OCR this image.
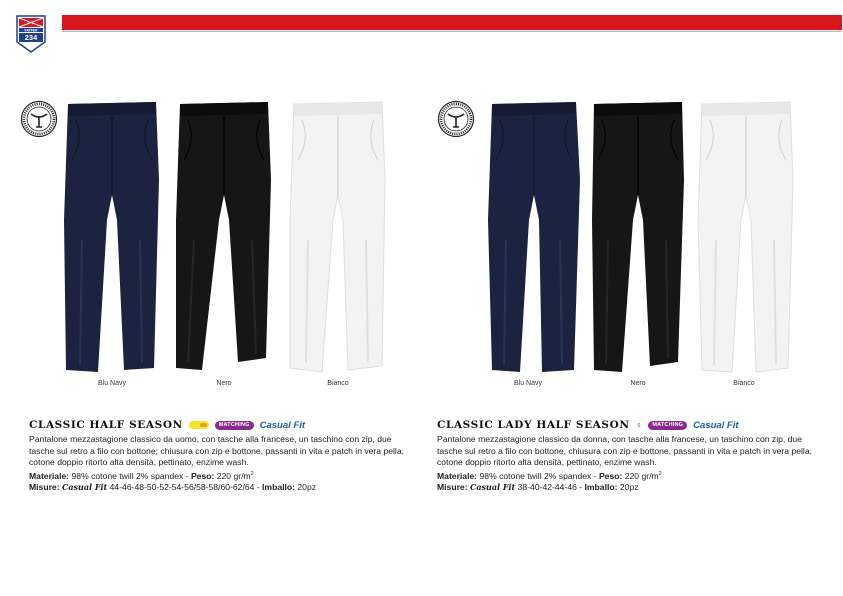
PAYPER
234
Blu Navy	Nero	Bianco
CLASSIC HALF SEASON	MATCHING	Casual Fit

Pantalone mezzastagione classico da uomo, con tasche alla francese, un taschino con zip, due tasche sul retro a filo con bottone; chiusura con zip e bottone, passanti in vita e patch in vera pella; cotone doppio ritorto alta densità, pettinato, enzime wash.

Materiale: 98% cotone twill 2% spandex - Peso: 220 $gr/m^2$

Misure: Casual Fit 44-46-48-50-52-54-56/58-58/60-62/64 - Imballo: 20pz

Blu Navy	Nero	Bianco
CLASSIC LADY HALF SEASON ♀	MATCHING	Casual Fit

Pantalone mezzastagione classico da donna, con tasche alla francese, un taschino con zip, due tasche sul retro a filo con bottone, chiusura con zip e bottone, passanti in vita e patch in vera pella; cotone doppio ritorto alta densità, pettinato, enzime wash.

Materiale: 98% cotone twill 2% spandex - Peso: 220 $gr/m^2$

Misure: Casual Fit 38-40-42-44-46 - Imballo: 20pz
